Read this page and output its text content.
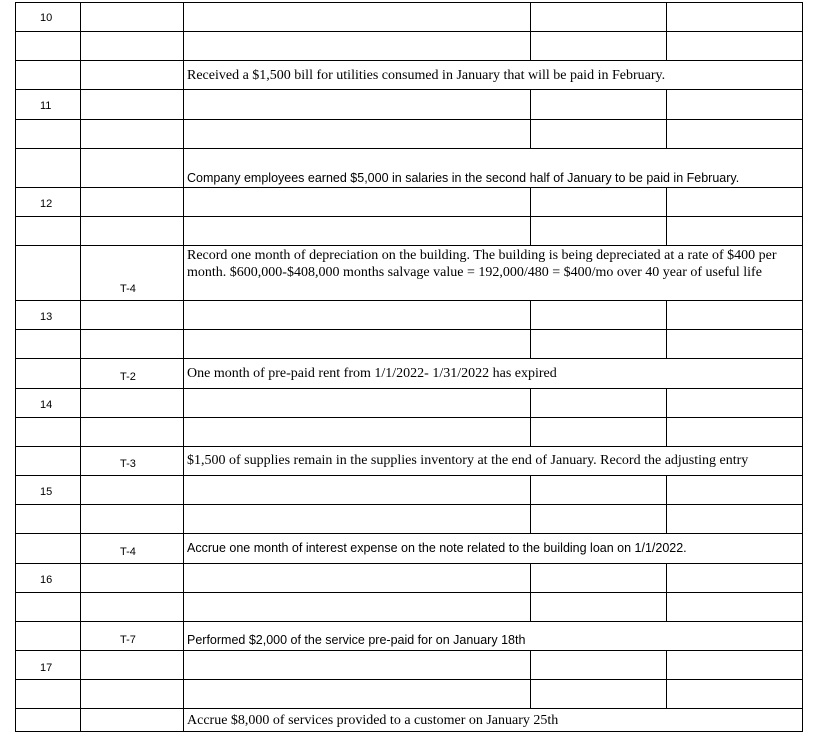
10
11
12
13
14
15
16
17
T-4
T-2
T-3
T-4
T-7
Received a $1,500 bill for utilities consumed in January that will be paid in February.
Company employees earned $5,000 in salaries in the second half of January to be paid in February.
Record one month of depreciation on the building. The building is being depreciated at a rate of $400 per month. $600,000-$408,000 months salvage value = 192,000/480 = $400/mo over 40 year of useful life
One month of pre-paid rent from 1/1/2022- 1/31/2022 has expired
$1,500 of supplies remain in the supplies inventory at the end of January. Record the adjusting entry
Accrue one month of interest expense on the note related to the building loan on 1/1/2022.
Performed $2,000 of the service pre-paid for on January 18th
Accrue $8,000 of services provided to a customer on January 25th
